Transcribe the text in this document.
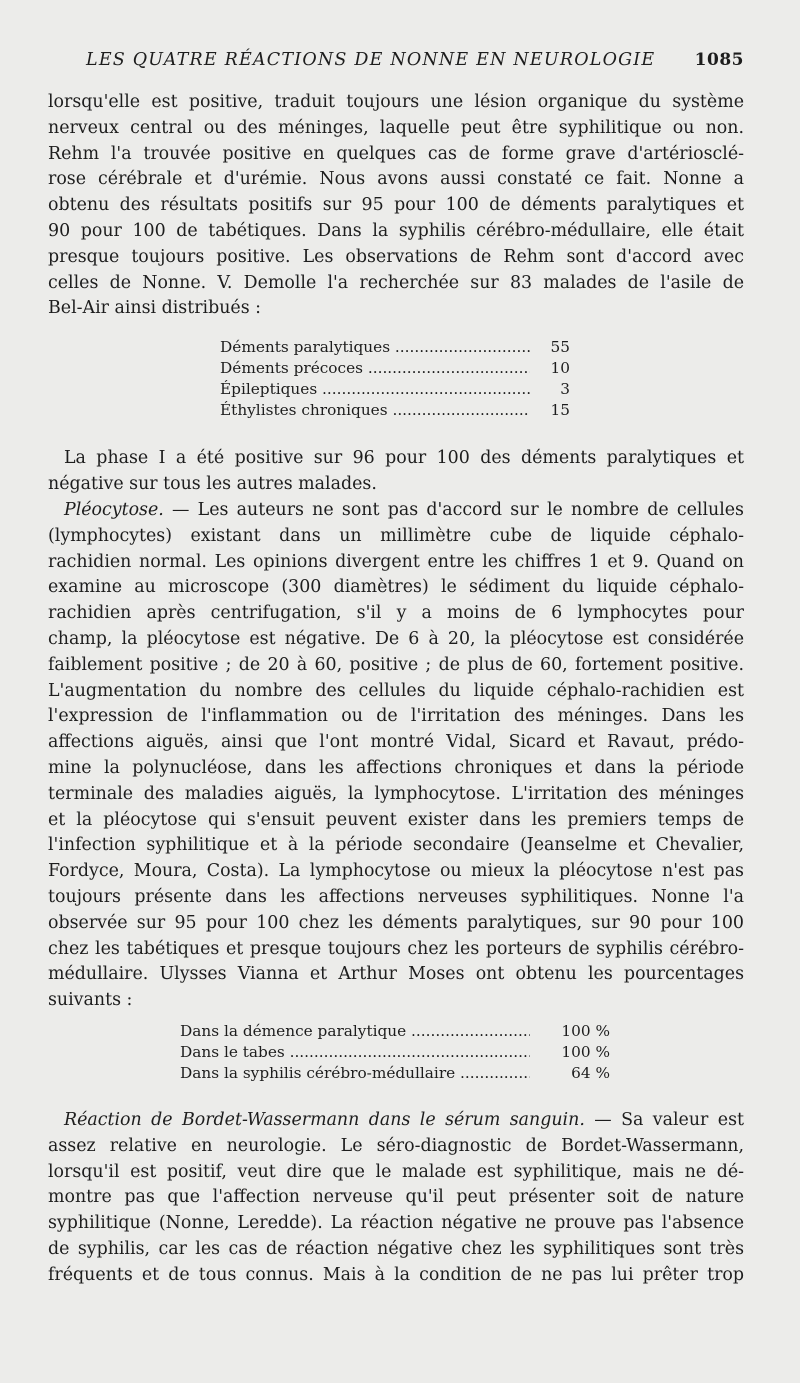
LES QUATRE RÉACTIONS DE NONNE EN NEUROLOGIE 1085
lorsqu'elle est positive, traduit toujours une lésion organique du système
nerveux central ou des méninges, laquelle peut être syphilitique ou non.
Rehm l'a trouvée positive en quelques cas de forme grave d'artériosclé-
rose cérébrale et d'urémie. Nous avons aussi constaté ce fait. Nonne a
obtenu des résultats positifs sur 95 pour 100 de déments paralytiques et
90 pour 100 de tabétiques. Dans la syphilis cérébro-médullaire, elle était
presque toujours positive. Les observations de Rehm sont d'accord avec
celles de Nonne. V. Demolle l'a recherchée sur 83 malades de l'asile de
Bel-Air ainsi distribués :
Déments paralytiques .....	55
Déments précoces .....	10
Épileptiques .....	3
Éthylistes chroniques .....	15
La phase I a été positive sur 96 pour 100 des déments paralytiques et
négative sur tous les autres malades.
Pléocytose. — Les auteurs ne sont pas d'accord sur le nombre de cellules
(lymphocytes) existant dans un millimètre cube de liquide céphalo-
rachidien normal. Les opinions divergent entre les chiffres 1 et 9. Quand on
examine au microscope (300 diamètres) le sédiment du liquide céphalo-
rachidien après centrifugation, s'il y a moins de 6 lymphocytes pour
champ, la pléocytose est négative. De 6 à 20, la pléocytose est considérée
faiblement positive ; de 20 à 60, positive ; de plus de 60, fortement positive.
L'augmentation du nombre des cellules du liquide céphalo-rachidien est
l'expression de l'inflammation ou de l'irritation des méninges. Dans les
affections aiguës, ainsi que l'ont montré Vidal, Sicard et Ravaut, prédo-
mine la polynucléose, dans les affections chroniques et dans la période
terminale des maladies aiguës, la lymphocytose. L'irritation des méninges
et la pléocytose qui s'ensuit peuvent exister dans les premiers temps de
l'infection syphilitique et à la période secondaire (Jeanselme et Chevalier,
Fordyce, Moura, Costa). La lymphocytose ou mieux la pléocytose n'est pas
toujours présente dans les affections nerveuses syphilitiques. Nonne l'a
observée sur 95 pour 100 chez les déments paralytiques, sur 90 pour 100
chez les tabétiques et presque toujours chez les porteurs de syphilis cérébro-
médullaire. Ulysses Vianna et Arthur Moses ont obtenu les pourcentages
suivants :
Dans la démence paralytique .....	100 %
Dans le tabes .....	100 %
Dans la syphilis cérébro-médullaire .....	64 %
Réaction de Bordet-Wassermann dans le sérum sanguin. — Sa valeur est
assez relative en neurologie. Le séro-diagnostic de Bordet-Wassermann,
lorsqu'il est positif, veut dire que le malade est syphilitique, mais ne dé-
montre pas que l'affection nerveuse qu'il peut présenter soit de nature
syphilitique (Nonne, Leredde). La réaction négative ne prouve pas l'absence
de syphilis, car les cas de réaction négative chez les syphilitiques sont très
fréquents et de tous connus. Mais à la condition de ne pas lui prêter trop
